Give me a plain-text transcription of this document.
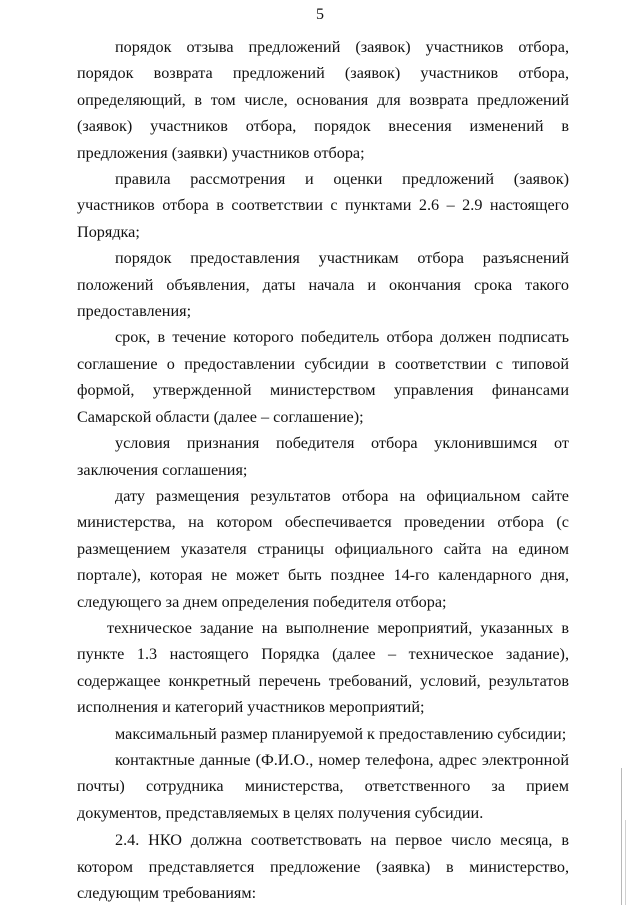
5

порядок отзыва предложений (заявок) участников отбора, порядок возврата предложений (заявок) участников отбора, определяющий, в том числе, основания для возврата предложений (заявок) участников отбора, порядок внесения изменений в предложения (заявки) участников отбора;

правила рассмотрения и оценки предложений (заявок) участников отбора в соответствии с пунктами 2.6 – 2.9 настоящего Порядка;

порядок предоставления участникам отбора разъяснений положений объявления, даты начала и окончания срока такого предоставления;

срок, в течение которого победитель отбора должен подписать соглашение о предоставлении субсидии в соответствии с типовой формой, утвержденной министерством управления финансами Самарской области (далее – соглашение);

условия признания победителя отбора уклонившимся от заключения соглашения;

дату размещения результатов отбора на официальном сайте министерства, на котором обеспечивается проведении отбора (с размещением указателя страницы официального сайта на едином портале), которая не может быть позднее 14-го календарного дня, следующего за днем определения победителя отбора;

техническое задание на выполнение мероприятий, указанных в пункте 1.3 настоящего Порядка (далее – техническое задание), содержащее конкретный перечень требований, условий, результатов исполнения и категорий участников мероприятий;

максимальный размер планируемой к предоставлению субсидии;

контактные данные (Ф.И.О., номер телефона, адрес электронной почты) сотрудника министерства, ответственного за прием документов, представляемых в целях получения субсидии.

2.4. НКО должна соответствовать на первое число месяца, в котором представляется предложение (заявка) в министерство, следующим требованиям:
